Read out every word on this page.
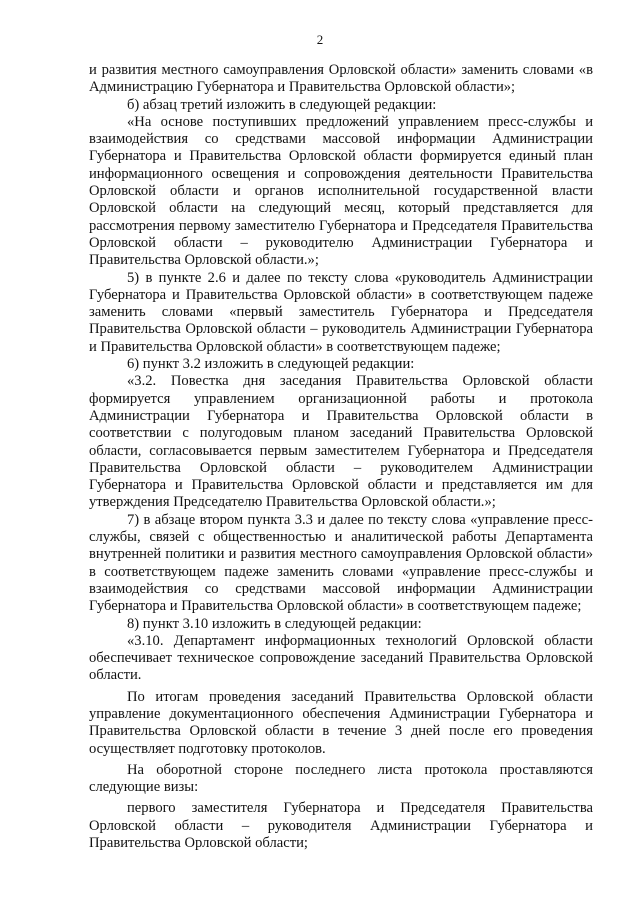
2

и развития местного самоуправления Орловской области» заменить словами «в Администрацию Губернатора и Правительства Орловской области»;

б) абзац третий изложить в следующей редакции:

«На основе поступивших предложений управлением пресс-службы и взаимодействия со средствами массовой информации Администрации Губернатора и Правительства Орловской области формируется единый план информационного освещения и сопровождения деятельности Правительства Орловской области и органов исполнительной государственной власти Орловской области на следующий месяц, который представляется для рассмотрения первому заместителю Губернатора и Председателя Правительства Орловской области – руководителю Администрации Губернатора и Правительства Орловской области.»;

5) в пункте 2.6 и далее по тексту слова «руководитель Администрации Губернатора и Правительства Орловской области» в соответствующем падеже заменить словами «первый заместитель Губернатора и Председателя Правительства Орловской области – руководитель Администрации Губернатора и Правительства Орловской области» в соответствующем падеже;

6) пункт 3.2 изложить в следующей редакции:

«3.2. Повестка дня заседания Правительства Орловской области формируется управлением организационной работы и протокола Администрации Губернатора и Правительства Орловской области в соответствии с полугодовым планом заседаний Правительства Орловской области, согласовывается первым заместителем Губернатора и Председателя Правительства Орловской области – руководителем Администрации Губернатора и Правительства Орловской области и представляется им для утверждения Председателю Правительства Орловской области.»;

7) в абзаце втором пункта 3.3 и далее по тексту слова «управление пресс-службы, связей с общественностью и аналитической работы Департамента внутренней политики и развития местного самоуправления Орловской области» в соответствующем падеже заменить словами «управление пресс-службы и взаимодействия со средствами массовой информации Администрации Губернатора и Правительства Орловской области» в соответствующем падеже;

8) пункт 3.10 изложить в следующей редакции:

«3.10. Департамент информационных технологий Орловской области обеспечивает техническое сопровождение заседаний Правительства Орловской области.

По итогам проведения заседаний Правительства Орловской области управление документационного обеспечения Администрации Губернатора и Правительства Орловской области в течение 3 дней после его проведения осуществляет подготовку протоколов.

На оборотной стороне последнего листа протокола проставляются следующие визы:

первого заместителя Губернатора и Председателя Правительства Орловской области – руководителя Администрации Губернатора и Правительства Орловской области;
